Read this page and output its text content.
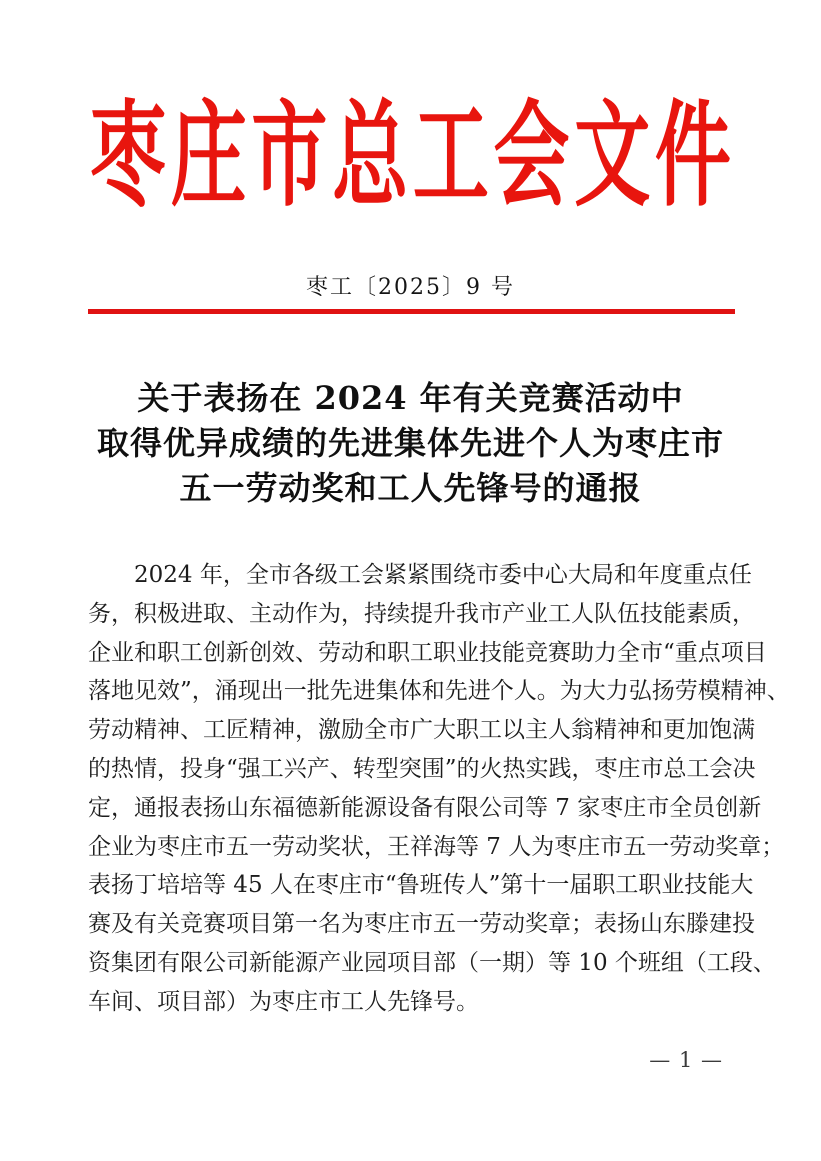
枣 庄 市 总 工 会 文 件
枣工〔2025〕9 号
关于表扬在 2024 年有关竞赛活动中
取得优异成绩的先进集体先进个人为枣庄市
五一劳动奖和工人先锋号的通报
2024 年，全市各级工会紧紧围绕市委中心大局和年度重点任
务，积极进取、主动作为，持续提升我市产业工人队伍技能素质，
企业和职工创新创效、劳动和职工职业技能竞赛助力全市“重点项目
落地见效”，涌现出一批先进集体和先进个人。为大力弘扬劳模精神、
劳动精神、工匠精神，激励全市广大职工以主人翁精神和更加饱满
的热情，投身“强工兴产、转型突围”的火热实践，枣庄市总工会决
定，通报表扬山东福德新能源设备有限公司等 7 家枣庄市全员创新
企业为枣庄市五一劳动奖状，王祥海等 7 人为枣庄市五一劳动奖章；
表扬丁培培等 45 人在枣庄市“鲁班传人”第十一届职工职业技能大
赛及有关竞赛项目第一名为枣庄市五一劳动奖章；表扬山东滕建投
资集团有限公司新能源产业园项目部（一期）等 10 个班组（工段、
车间、项目部）为枣庄市工人先锋号。
— 1 —
